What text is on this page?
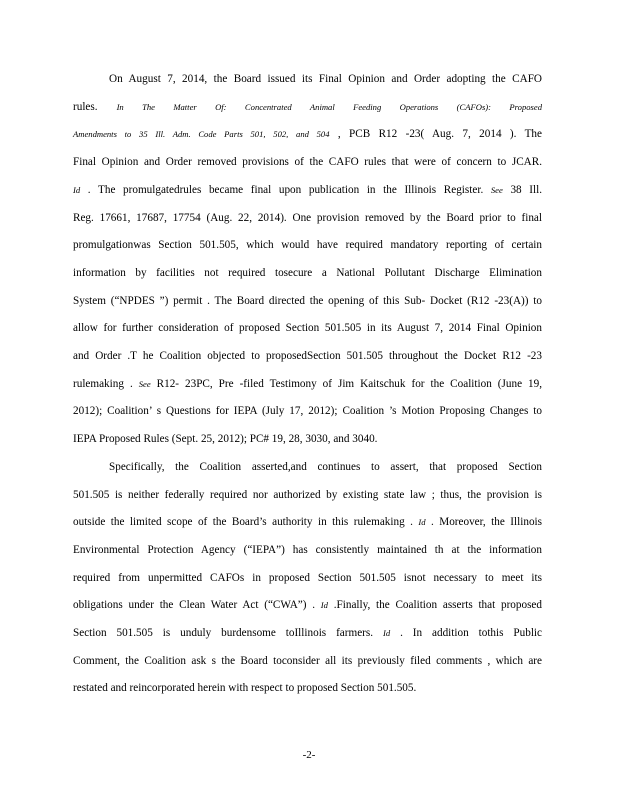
On August 7, 2014, the Board issued its Final Opinion and Order adopting the CAFO
rules. In The Matter Of: Concentrated Animal Feeding Operations (CAFOs): Proposed
Amendments to 35 Ill. Adm. Code Parts 501, 502, and 504 , PCB R12 -23( Aug. 7, 2014 ). The
Final Opinion and Order removed provisions of the CAFO rules that were of concern to JCAR.
Id . The promulgatedrules became final upon publication in the Illinois Register. See 38 Ill.
Reg. 17661, 17687, 17754 (Aug. 22, 2014). One provision removed by the Board prior to final
promulgationwas Section 501.505, which would have required mandatory reporting of certain
information by facilities not required tosecure a National Pollutant Discharge Elimination
System (“NPDES ”) permit . The Board directed the opening of this Sub- Docket (R12 -23(A)) to
allow for further consideration of proposed Section 501.505 in its August 7, 2014 Final Opinion
and Order .T he Coalition objected to proposedSection 501.505 throughout the Docket R12 -23
rulemaking . See R12- 23PC, Pre -filed Testimony of Jim Kaitschuk for the Coalition (June 19,
2012); Coalition’ s Questions for IEPA (July 17, 2012); Coalition ’s Motion Proposing Changes to
IEPA Proposed Rules (Sept. 25, 2012); PC# 19, 28, 3030, and 3040.
Specifically, the Coalition asserted,and continues to assert, that proposed Section
501.505 is neither federally required nor authorized by existing state law ; thus, the provision is
outside the limited scope of the Board’s authority in this rulemaking . Id . Moreover, the Illinois
Environmental Protection Agency (“IEPA”) has consistently maintained th at the information
required from unpermitted CAFOs in proposed Section 501.505 isnot necessary to meet its
obligations under the Clean Water Act (“CWA”) . Id .Finally, the Coalition asserts that proposed
Section 501.505 is unduly burdensome toIllinois farmers. Id . In addition tothis Public
Comment, the Coalition ask s the Board toconsider all its previously filed comments , which are
restated and reincorporated herein with respect to proposed Section 501.505.
-2-
